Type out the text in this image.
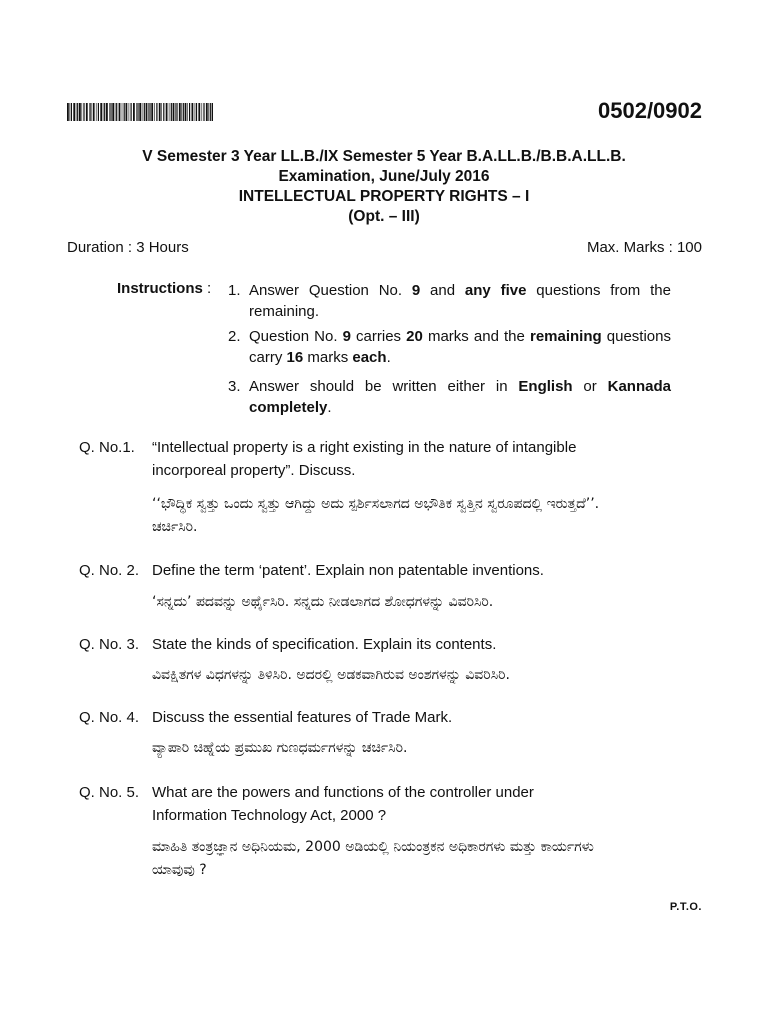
0502/0902
V Semester 3 Year LL.B./IX Semester 5 Year B.A.LL.B./B.B.A.LL.B.
Examination, June/July 2016
INTELLECTUAL PROPERTY RIGHTS – I
(Opt. – III)
Duration : 3 Hours	Max. Marks : 100
Instructions : 1. Answer Question No. 9 and any five questions from the remaining.
2. Question No. 9 carries 20 marks and the remaining questions carry 16 marks each.
3. Answer should be written either in English or Kannada completely.
Q. No.1. “Intellectual property is a right existing in the nature of intangible incorporeal property”. Discuss.
‘‘ಭೌದ್ಧಿಕ ಸ್ವತ್ತು ಒಂದು ಸ್ವತ್ತು ಆಗಿದ್ದು ಅದು ಸ್ಪರ್ಶಿಸಲಾಗದ ಅಭೌತಿಕ ಸ್ವತ್ತಿನ ಸ್ವರೂಪದಲ್ಲಿ ಇರುತ್ತದೆ’’. ಚರ್ಚಿಸಿರಿ.
Q. No. 2. Define the term ‘patent’. Explain non patentable inventions.
‘ಸನ್ನದು’ ಪದವನ್ನು ಅರ್ಥೈಸಿರಿ. ಸನ್ನದು ನೀಡಲಾಗದ ಶೋಧಗಳನ್ನು ವಿವರಿಸಿರಿ.
Q. No. 3. State the kinds of specification. Explain its contents.
ವಿವಕ್ಷಿತಗಳ ವಿಧಗಳನ್ನು ತಿಳಿಸಿರಿ. ಅದರಲ್ಲಿ ಅಡಕವಾಗಿರುವ ಅಂಶಗಳನ್ನು ವಿವರಿಸಿರಿ.
Q. No. 4. Discuss the essential features of Trade Mark.
ವ್ಯಾಪಾರಿ ಚಿಹ್ನೆಯ ಪ್ರಮುಖ ಗುಣಧರ್ಮಗಳನ್ನು ಚರ್ಚಿಸಿರಿ.
Q. No. 5. What are the powers and functions of the controller under Information Technology Act, 2000 ?
ಮಾಹಿತಿ ತಂತ್ರಜ್ಞಾನ ಅಧಿನಿಯಮ, 2000 ಅಡಿಯಲ್ಲಿ ನಿಯಂತ್ರಕನ ಅಧಿಕಾರಗಳು ಮತ್ತು ಕಾರ್ಯಗಳು ಯಾವುವು ?
P.T.O.
